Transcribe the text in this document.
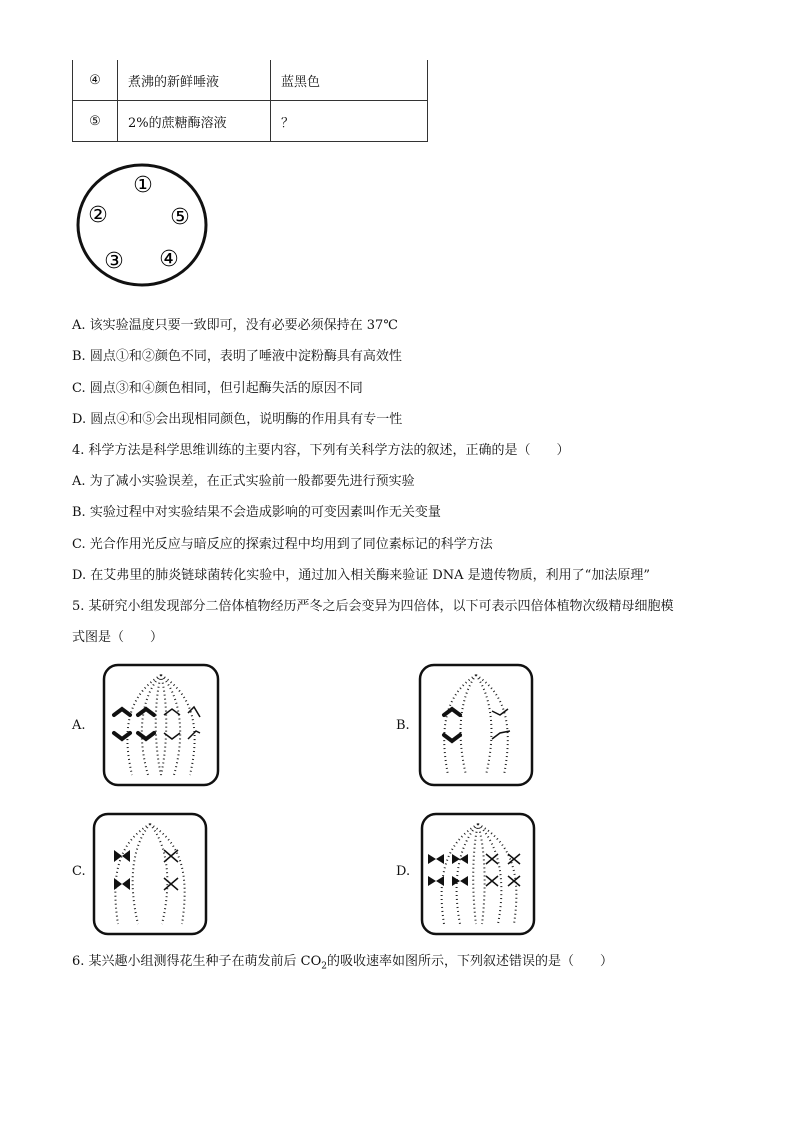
④	煮沸的新鲜唾液	蓝黑色
⑤	2%的蔗糖酶溶液	？
①
②	⑤
③ ④
A. 该实验温度只要一致即可，没有必要必须保持在 37℃
B. 圆点①和②颜色不同，表明了唾液中淀粉酶具有高效性
C. 圆点③和④颜色相同，但引起酶失活的原因不同
D. 圆点④和⑤会出现相同颜色，说明酶的作用具有专一性
4. 科学方法是科学思维训练的主要内容，下列有关科学方法的叙述，正确的是（　　）
A. 为了减小实验误差，在正式实验前一般都要先进行预实验
B. 实验过程中对实验结果不会造成影响的可变因素叫作无关变量
C. 光合作用光反应与暗反应的探索过程中均用到了同位素标记的科学方法
D. 在艾弗里的肺炎链球菌转化实验中，通过加入相关酶来验证 DNA 是遗传物质，利用了“加法原理”
5. 某研究小组发现部分二倍体植物经历严冬之后会变异为四倍体，以下可表示四倍体植物次级精母细胞模
式图是（　　）
A.	B.
C.	D.
6. 某兴趣小组测得花生种子在萌发前后 $CO_2$的吸收速率如图所示，下列叙述错误的是（　　）
